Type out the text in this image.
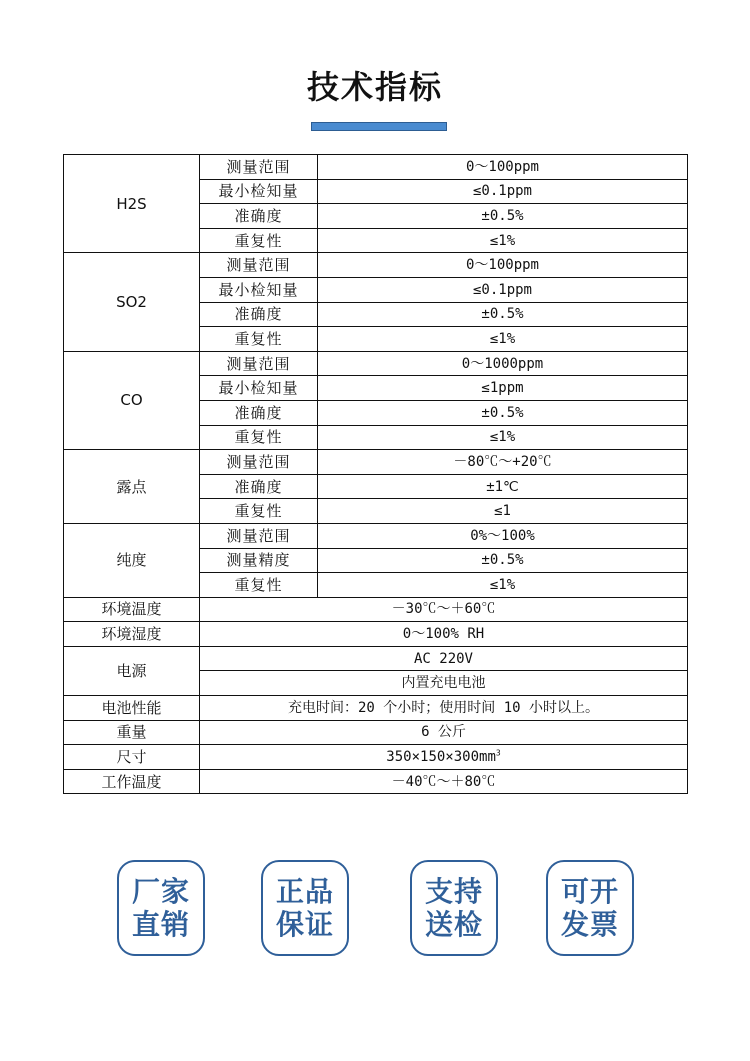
技术指标
H2S	测量范围	0～100ppm
	最小检知量	≤0.1ppm
	准确度	±0.5%
	重复性	≤1%
SO2	测量范围	0～100ppm
	最小检知量	≤0.1ppm
	准确度	±0.5%
	重复性	≤1%
CO	测量范围	0～1000ppm
	最小检知量	≤1ppm
	准确度	±0.5%
	重复性	≤1%
露点	测量范围	－80℃～+20℃
	准确度	±1℃
	重复性	≤1
纯度	测量范围	0%～100%
	测量精度	±0.5%
	重复性	≤1%
环境温度	－30℃～＋60℃	
环境湿度	0～100% RH	
电源	AC 220V	
	内置充电电池	
电池性能	充电时间：20 个小时；使用时间 10 小时以上。	
重量	6 公斤	
尺寸	$350\times 150\times 300mm^3$
工作温度	－40℃～＋80℃	
厂家
直销
正品
保证
支持
送检
可开
发票
